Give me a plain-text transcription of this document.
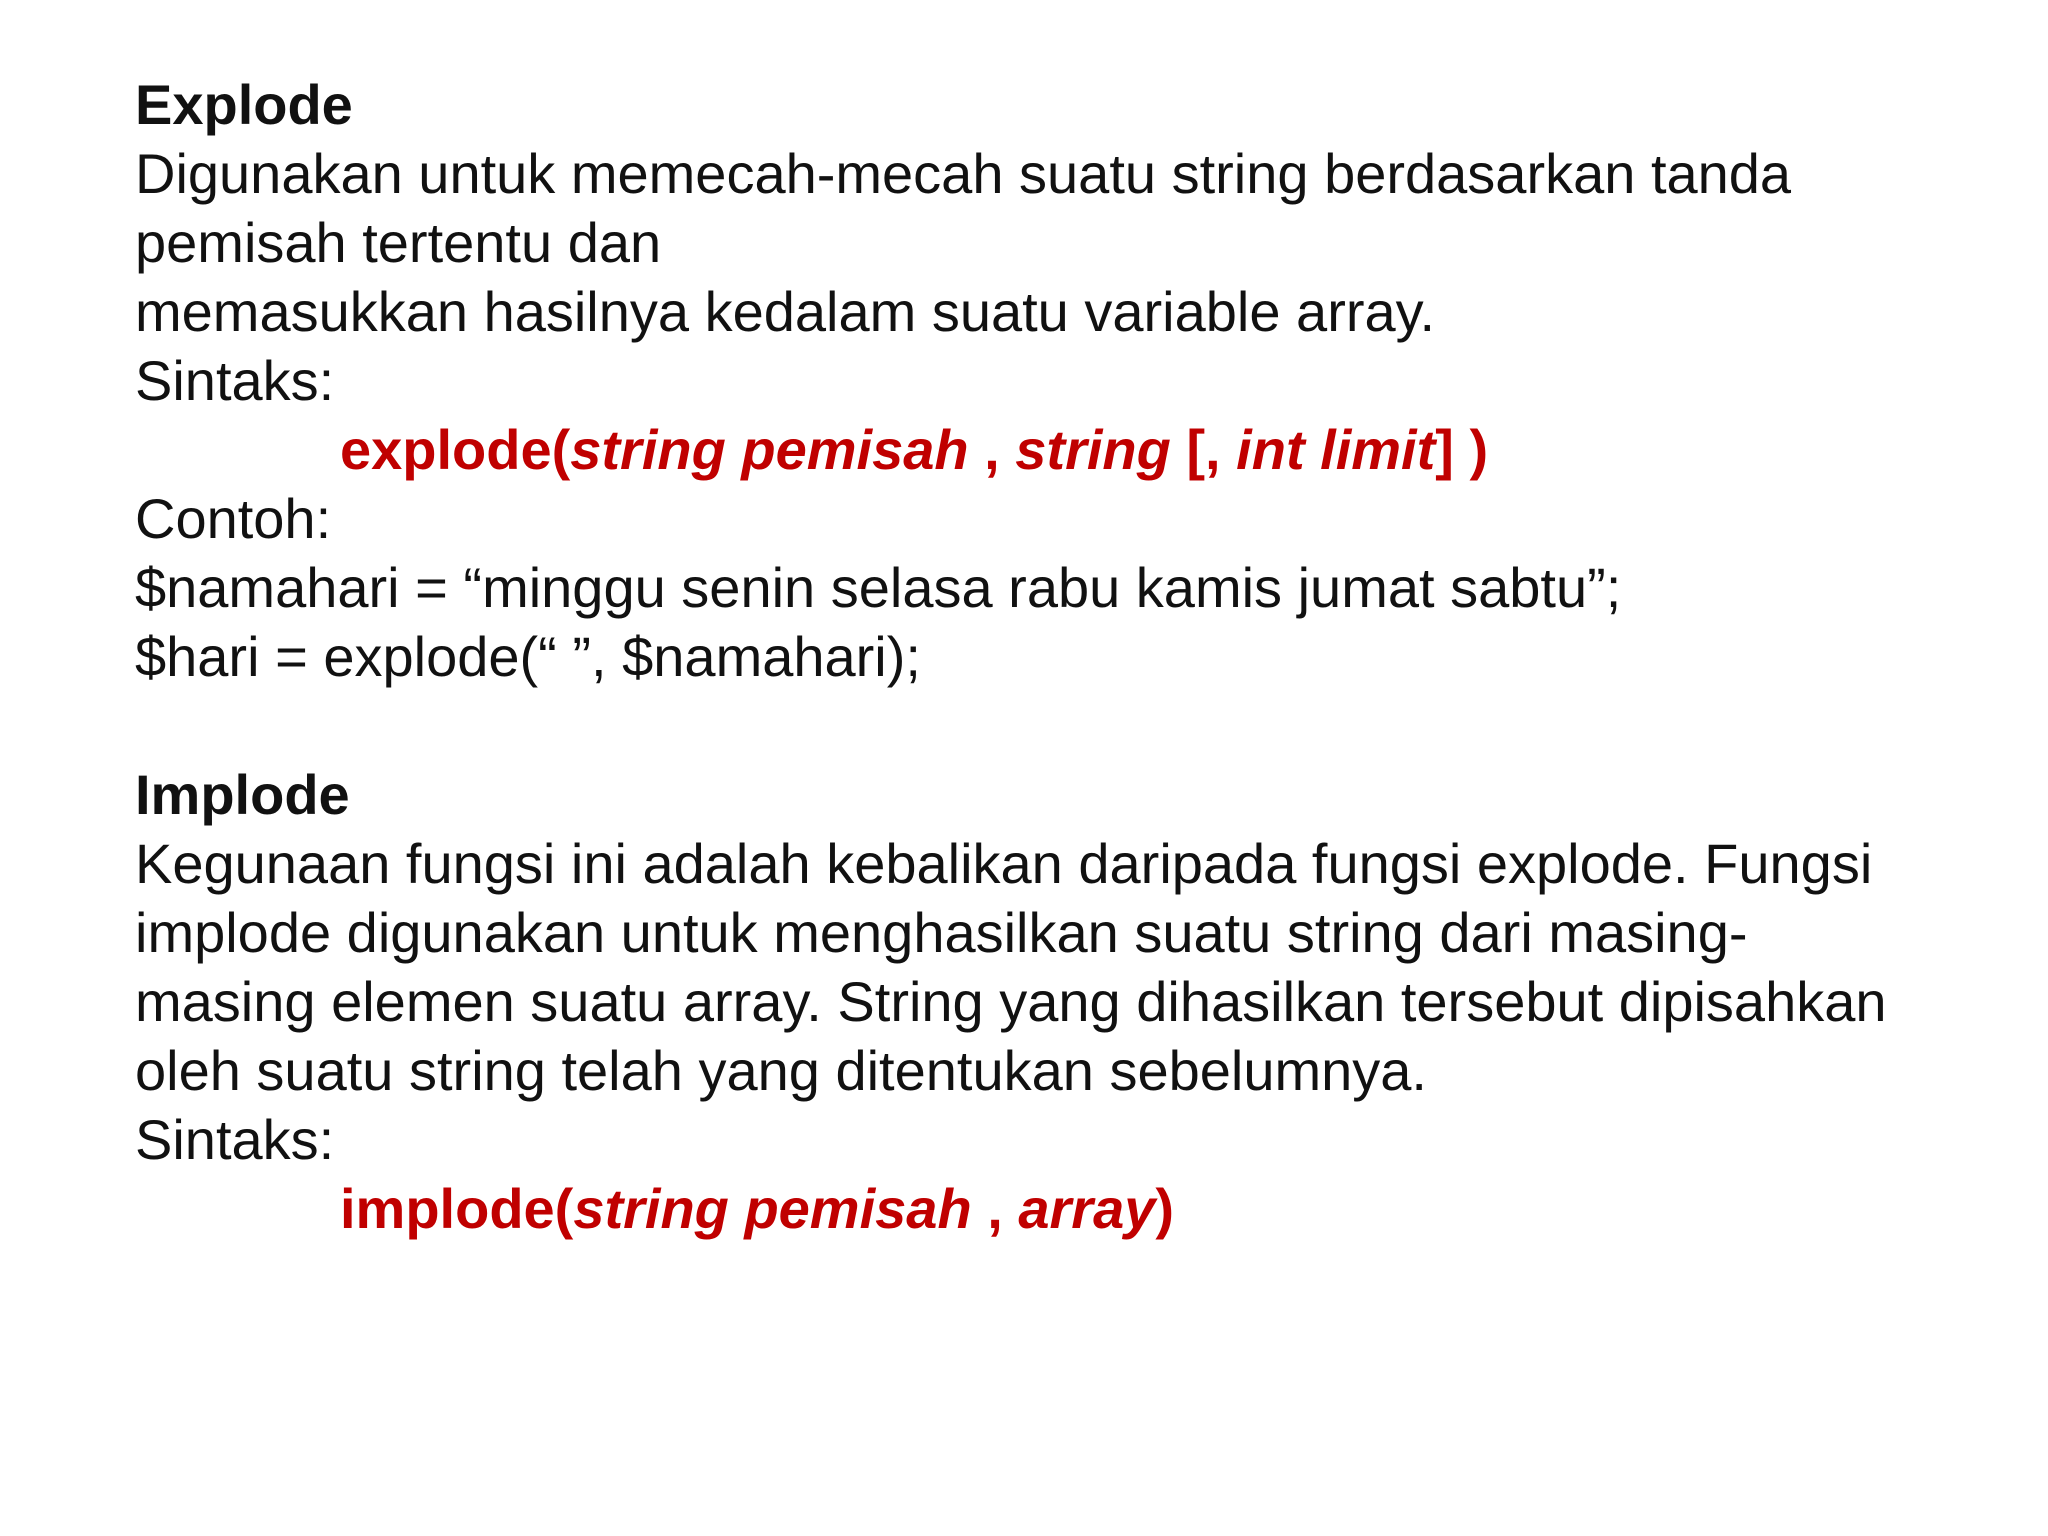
Explode
Digunakan untuk memecah-mecah suatu string berdasarkan tanda
pemisah tertentu dan
memasukkan hasilnya kedalam suatu variable array.
Sintaks:
explode(string pemisah , string [, int limit] )
Contoh:
$namahari = “minggu senin selasa rabu kamis jumat sabtu”;
$hari = explode(“ ”, $namahari);
Implode
Kegunaan fungsi ini adalah kebalikan daripada fungsi explode. Fungsi
implode digunakan untuk menghasilkan suatu string dari masing-
masing elemen suatu array. String yang dihasilkan tersebut dipisahkan
oleh suatu string telah yang ditentukan sebelumnya.
Sintaks:
implode(string pemisah , array)
